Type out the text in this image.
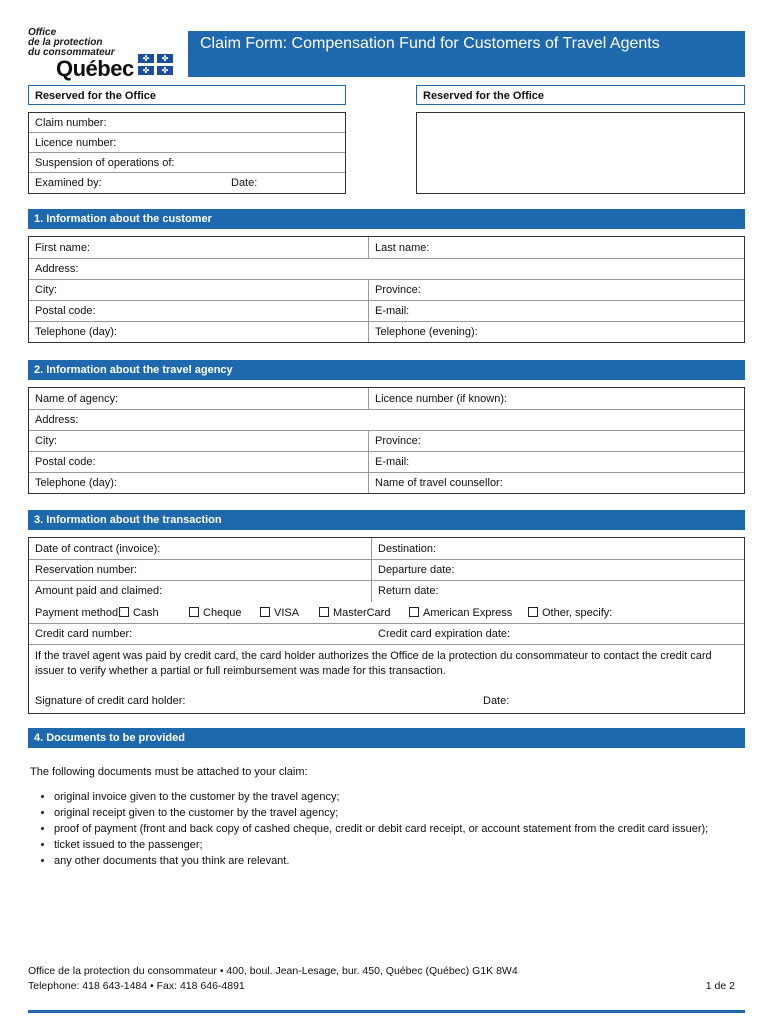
Office
de la protection
du consommateur
Québec	✤	✤
✤	✤
Claim Form: Compensation Fund for Customers of Travel Agents
Reserved for the Office	Reserved for the Office
Claim number:
Licence number:
Suspension of operations of:
Examined by:	Date:
1. Information about the customer
First name:	Last name:
Address:
City:	Province:
Postal code:	E-mail:
Telephone (day):	Telephone (evening):
2. Information about the travel agency
Name of agency:	Licence number (if known):
Address:
City:	Province:
Postal code:	E-mail:
Telephone (day):	Name of travel counsellor:
3. Information about the transaction
Date of contract (invoice):	Destination:
Reservation number:	Departure date:
Amount paid and claimed:	Return date:
Payment method:	Cash	Cheque	VISA	MasterCard	American Express	Other, specify:
Credit card number:	Credit card expiration date:
If the travel agent was paid by credit card, the card holder authorizes the Office de la protection du consommateur to contact the credit card issuer to verify whether a partial or full reimbursement was made for this transaction.
Signature of credit card holder:	Date:
4. Documents to be provided
The following documents must be attached to your claim:
• original invoice given to the customer by the travel agency;
• original receipt given to the customer by the travel agency;
• proof of payment (front and back copy of cashed cheque, credit or debit card receipt, or account statement from the credit card issuer);
• ticket issued to the passenger;
• any other documents that you think are relevant.
Office de la protection du consommateur • 400, boul. Jean-Lesage, bur. 450, Québec (Québec) G1K 8W4
Telephone: 418 643-1484 • Fax: 418 646-4891	1 de 2
